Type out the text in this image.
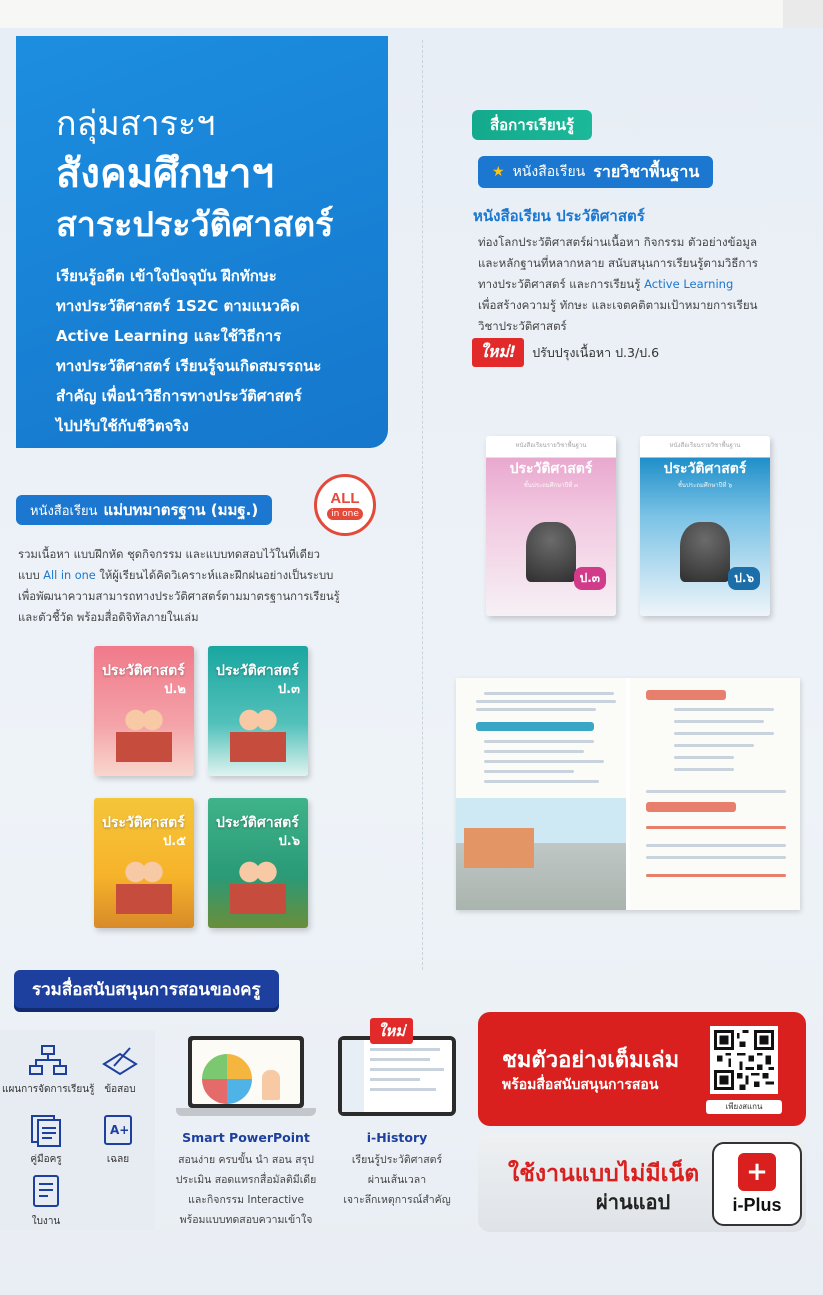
กลุ่มสาระฯ
สังคมศึกษาฯ
สาระประวัติศาสตร์
เรียนรู้อดีต เข้าใจปัจจุบัน ฝึกทักษะ
ทางประวัติศาสตร์ 1S2C ตามแนวคิด
Active Learning และใช้วิธีการ
ทางประวัติศาสตร์ เรียนรู้จนเกิดสมรรถนะ
สำคัญ เพื่อนำวิธีการทางประวัติศาสตร์
ไปปรับใช้กับชีวิตจริง
สื่อการเรียนรู้
★ หนังสือเรียน รายวิชาพื้นฐาน
หนังสือเรียน ประวัติศาสตร์
ท่องโลกประวัติศาสตร์ผ่านเนื้อหา กิจกรรม ตัวอย่างข้อมูล
และหลักฐานที่หลากหลาย สนับสนุนการเรียนรู้ตามวิธีการ
ทางประวัติศาสตร์ และการเรียนรู้ Active Learning
เพื่อสร้างความรู้ ทักษะ และเจตคติตามเป้าหมายการเรียน
วิชาประวัติศาสตร์
ใหม่!	ปรับปรุงเนื้อหา ป.3/ป.6
หนังสือเรียนรายวิชาพื้นฐาน
ประวัติศาสตร์
ชั้นประถมศึกษาปีที่ ๓
ป.๓
หนังสือเรียนรายวิชาพื้นฐาน
ประวัติศาสตร์
ชั้นประถมศึกษาปีที่ ๖
ป.๖
หนังสือเรียน แม่บทมาตรฐาน (มมฐ.)
ALL
in one
รวมเนื้อหา แบบฝึกหัด ชุดกิจกรรม และแบบทดสอบไว้ในที่เดียว
แบบ All in one ให้ผู้เรียนได้คิดวิเคราะห์และฝึกฝนอย่างเป็นระบบ
เพื่อพัฒนาความสามารถทางประวัติศาสตร์ตามมาตรฐานการเรียนรู้
และตัวชี้วัด พร้อมสื่อดิจิทัลภายในเล่ม
ประวัติศาสตร์
ป.๒
ประวัติศาสตร์
ป.๓
ประวัติศาสตร์
ป.๕
ประวัติศาสตร์
ป.๖
รวมสื่อสนับสนุนการสอนของครู
แผนการจัดการเรียนรู้ ข้อสอบ
คู่มือครู
A+
เฉลย
ใบงาน
Smart PowerPoint
สอนง่าย ครบขั้น นำ สอน สรุป
ประเมิน สอดแทรกสื่อมัลติมีเดีย
และกิจกรรม Interactive
พร้อมแบบทดสอบความเข้าใจ
ใหม่
i-History
เรียนรู้ประวัติศาสตร์
ผ่านเส้นเวลา
เจาะลึกเหตุการณ์สำคัญ
ชมตัวอย่างเต็มเล่ม
พร้อมสื่อสนับสนุนการสอน
เพียงสแกน
ใช้งานแบบไม่มีเน็ต
ผ่านแอป
+
i-Plus
